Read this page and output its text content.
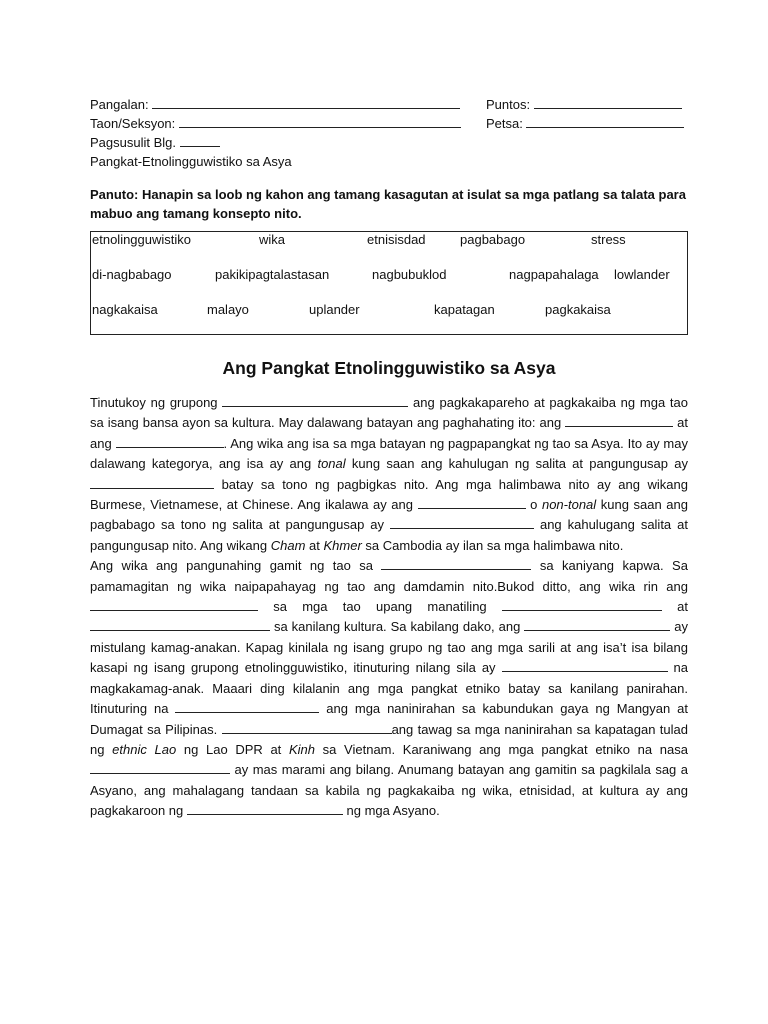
Pangalan:	Puntos:
Taon/Seksyon:	Petsa:
Pagsusulit Blg.
Pangkat-Etnolingguwistiko sa Asya
Panuto: Hanapin sa loob ng kahon ang tamang kasagutan at isulat sa mga patlang sa talata para mabuo ang tamang konsepto nito.
etnolingguwistiko	wika	etnisisdad	pagbabago	stress
di-nagbabago	pakikipagtalastasan	nagbubuklod	nagpapahalaga lowlander
nagkakaisa	malayo	uplander	kapatagan	pagkakaisa
Ang Pangkat Etnolingguwistiko sa Asya

Tinutukoy ng grupong	ang pagkakapareho at pagkakaiba ng mga tao sa isang bansa ayon sa kultura. May dalawang batayan ang paghahating ito: ang	at ang	. Ang wika ang isa sa mga batayan ng pagpapangkat ng tao sa Asya. Ito ay may dalawang kategorya, ang isa ay ang tonal kung saan ang kahulugan ng salita at pangungusap ay  batay sa tono ng pagbigkas nito. Ang mga halimbawa nito ay ang wikang Burmese, Vietnamese, at Chinese. Ang ikalawa ay ang	o non-tonal kung saan ang pagbabago sa tono ng salita at pangungusap ay	ang kahulugang salita at pangungusap nito. Ang wikang Cham at Khmer sa Cambodia ay ilan sa mga halimbawa nito.

Ang wika ang pangunahing gamit ng tao sa	sa kaniyang kapwa. Sa pamamagitan ng wika naipapahayag ng tao ang damdamin nito.Bukod ditto, ang wika rin ang  sa mga tao upang manatiling	at  sa kanilang kultura. Sa kabilang dako, ang	ay mistulang kamag-anakan. Kapag kinilala ng isang grupo ng tao ang mga sarili at ang isa’t isa bilang kasapi ng isang grupong etnolingguwistiko, itinuturing nilang sila ay	na magkakamag-anak. Maaari ding kilalanin ang mga pangkat etniko batay sa kanilang panirahan. Itinuturing na	ang mga naninirahan sa kabundukan gaya ng Mangyan at Dumagat sa Pilipinas.	ang tawag sa mga naninirahan sa kapatagan tulad ng ethnic Lao ng Lao DPR at Kinh sa Vietnam. Karaniwang ang mga pangkat etniko na nasa  ay mas marami ang bilang. Anumang batayan ang gamitin sa pagkilala sag a Asyano, ang mahalagang tandaan sa kabila ng pagkakaiba ng wika, etnisidad, at kultura ay ang pagkakaroon ng	ng mga Asyano.
